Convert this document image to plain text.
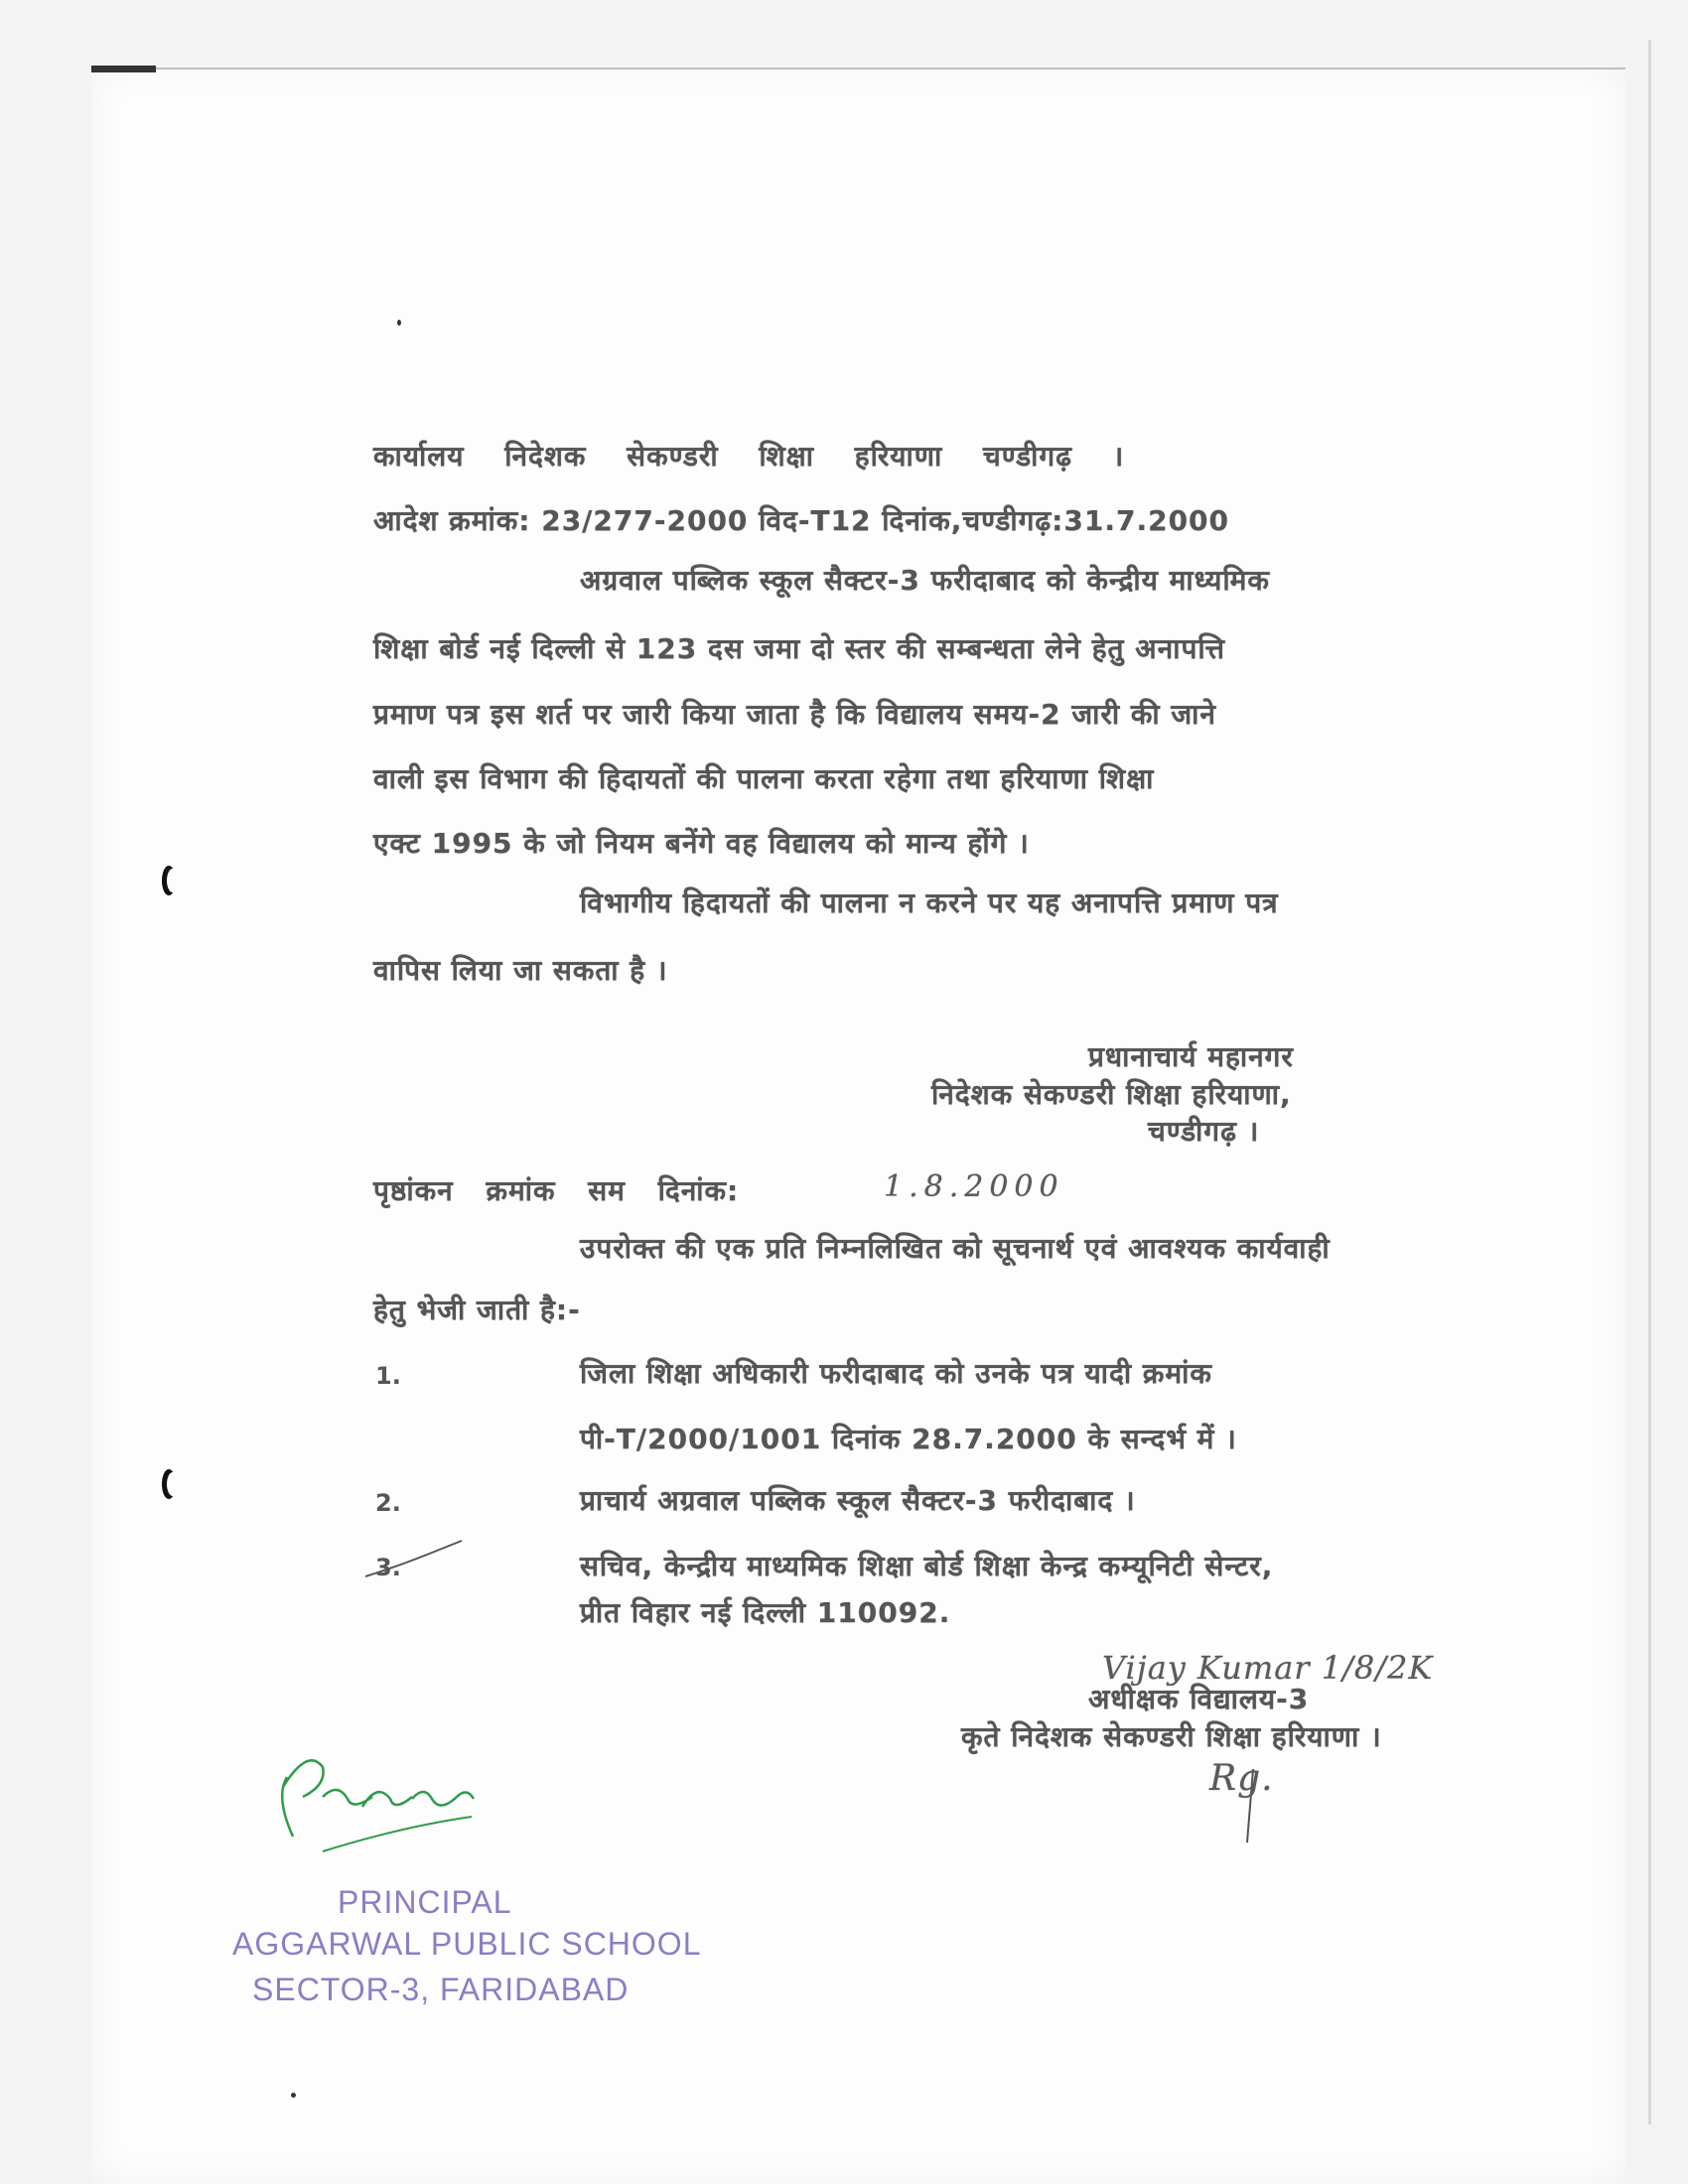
कार्यालय निदेशक सेकण्डरी शिक्षा हरियाणा चण्डीगढ़ ।
आदेश क्रमांक: 23/277-2000 विद-T12 दिनांक,चण्डीगढ़:31.7.2000
अग्रवाल पब्लिक स्कूल सैक्टर-3 फरीदाबाद को केन्द्रीय माध्यमिक
शिक्षा बोर्ड नई दिल्ली से 123 दस जमा दो स्तर की सम्बन्धता लेने हेतु अनापत्ति
प्रमाण पत्र इस शर्त पर जारी किया जाता है कि विद्यालय समय-2 जारी की जाने
वाली इस विभाग की हिदायतों की पालना करता रहेगा तथा हरियाणा शिक्षा
एक्ट 1995 के जो नियम बनेंगे वह विद्यालय को मान्य होंगे ।
विभागीय हिदायतों की पालना न करने पर यह अनापत्ति प्रमाण पत्र
वापिस लिया जा सकता है ।
प्रधानाचार्य महानगर
निदेशक सेकण्डरी शिक्षा हरियाणा,
चण्डीगढ़ ।
पृष्ठांकन क्रमांक सम दिनांक:	1.8.2000
उपरोक्त की एक प्रति निम्नलिखित को सूचनार्थ एवं आवश्यक कार्यवाही
हेतु भेजी जाती है:-
1.	जिला शिक्षा अधिकारी फरीदाबाद को उनके पत्र यादी क्रमांक
पी-T/2000/1001 दिनांक 28.7.2000 के सन्दर्भ में ।
2.	प्राचार्य अग्रवाल पब्लिक स्कूल सैक्टर-3 फरीदाबाद ।
3.	सचिव, केन्द्रीय माध्यमिक शिक्षा बोर्ड शिक्षा केन्द्र कम्यूनिटी सेन्टर,
प्रीत विहार नई दिल्ली 110092.
Vijay Kumar 1/8/2K
अधीक्षक विद्यालय-3
कृते निदेशक सेकण्डरी शिक्षा हरियाणा ।
Rg.
PRINCIPAL
AGGARWAL PUBLIC SCHOOL
SECTOR-3, FARIDABAD
